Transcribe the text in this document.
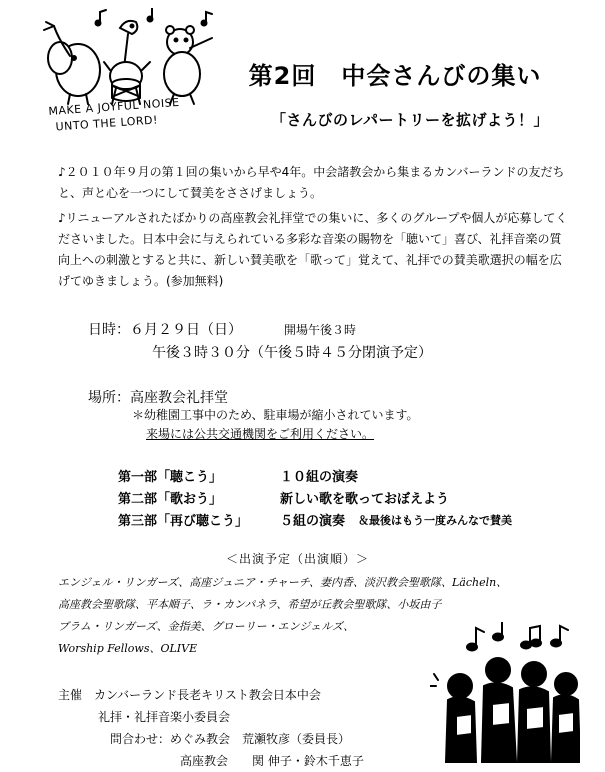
MAKE A JOYFUL NOISE
UNTO THE LORD!
第2回　中会さんびの集い
「さんびのレパートリーを拡げよう！」
♪２０１０年９月の第１回の集いから早や4年。中会諸教会から集まるカンバーランドの友だちと、声と心を一つにして賛美をささげましょう。
♪リニューアルされたばかりの高座教会礼拝堂での集いに、多くのグループや個人が応募してくださいました。日本中会に与えられている多彩な音楽の賜物を「聴いて」喜び、礼拝音楽の質向上への刺激とすると共に、新しい賛美歌を「歌って」覚えて、礼拝での賛美歌選択の幅を広げてゆきましょう。(参加無料)
日時：６月２９日（日）	開場午後３時
午後３時３０分（午後５時４５分閉演予定）
場所：高座教会礼拝堂
＊幼稚園工事中のため、駐車場が縮小されています。
来場には公共交通機関をご利用ください。
第一部「聴こう」	１０組の演奏
第二部「歌おう」	新しい歌を歌っておぼえよう
第三部「再び聴こう」 ５組の演奏 ＆最後はもう一度みんなで賛美
＜出演予定（出演順）＞
エンジェル・リンガーズ、高座ジュニア・チャーチ、妻内香、淡沢教会聖歌隊、Lächeln、
高座教会聖歌隊、平本順子、ラ・カンパネラ、希望が丘教会聖歌隊、小坂由子
ブラム・リンガーズ、金指美、グローリー・エンジェルズ、
Worship Fellows、OLIVE
主催　カンバーランド長老キリスト教会日本中会
礼拝・礼拝音楽小委員会
問合わせ：めぐみ教会　荒瀬牧彦（委員長）
高座教会　　関 伸子・鈴木千恵子
